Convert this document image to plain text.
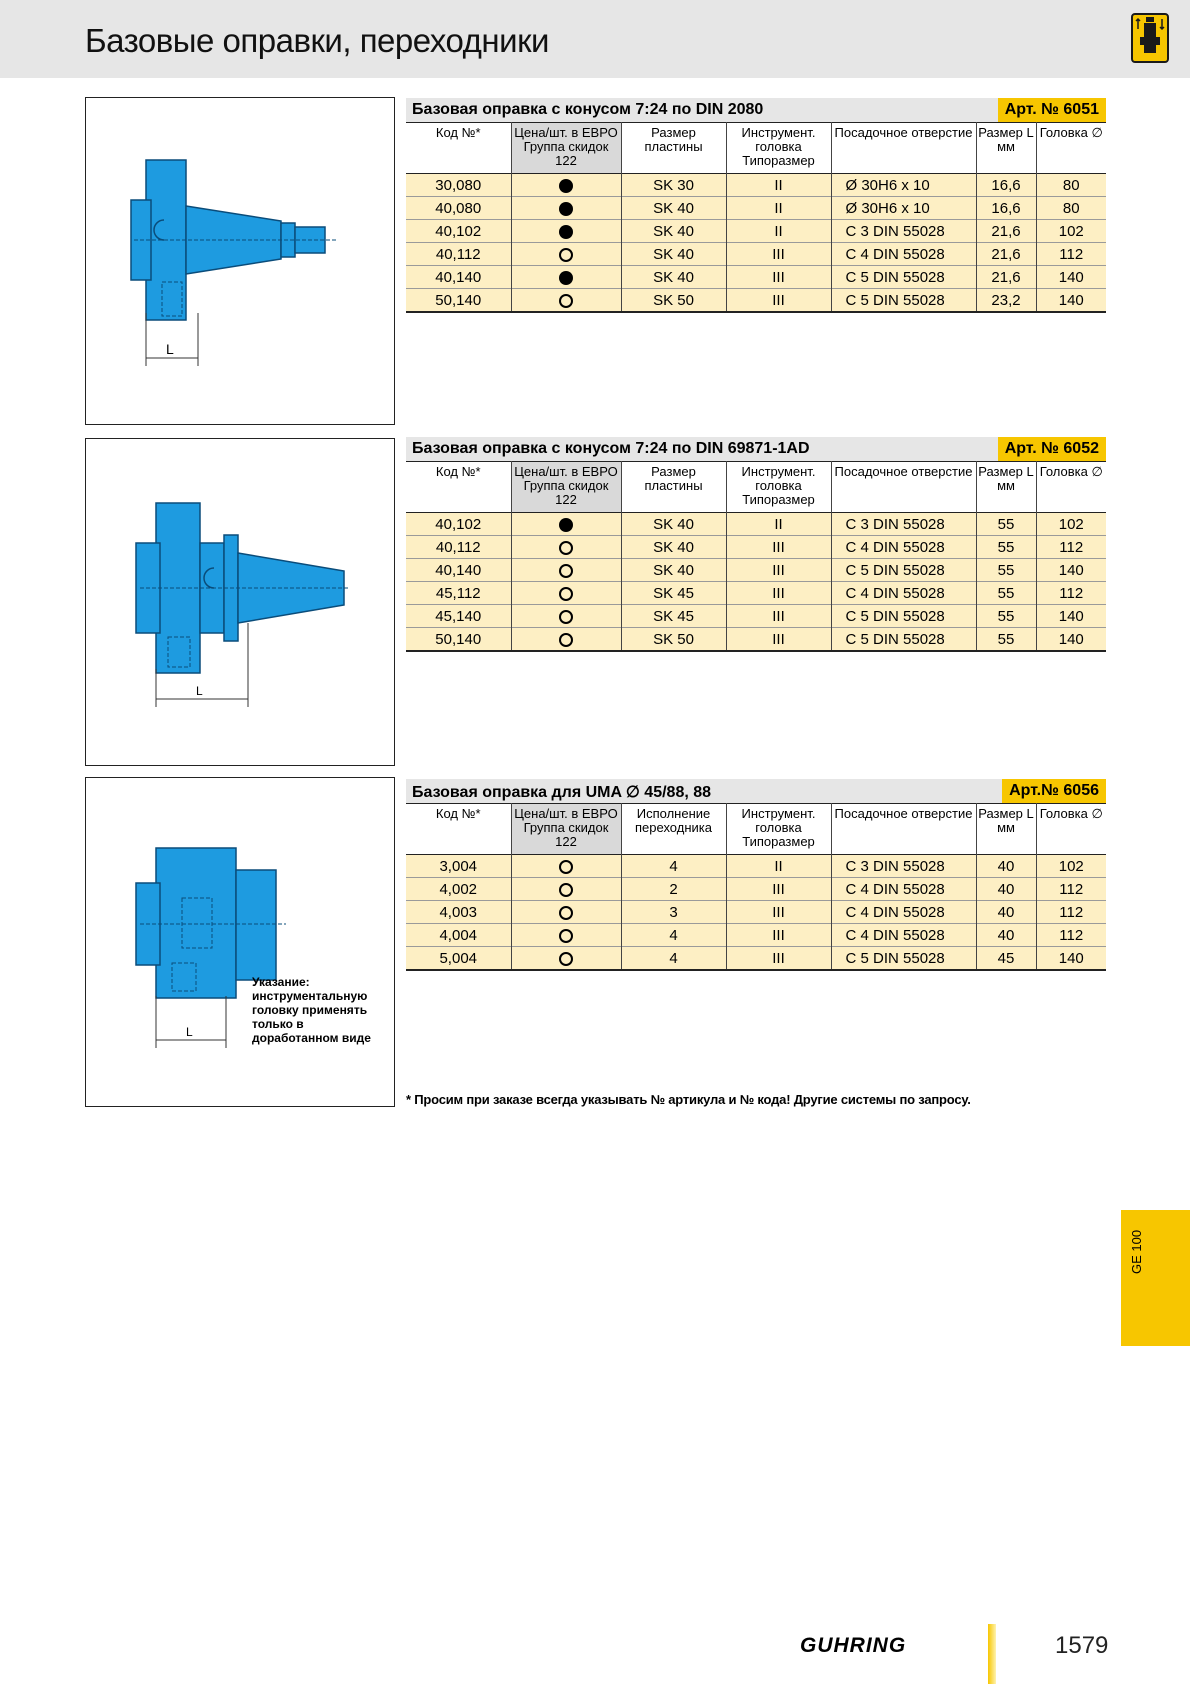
Базовые оправки, переходники
L
L
L
Указание: инструментальную головку применять только в доработанном виде
Базовая оправка с конусом 7:24 по DIN 2080	Арт. № 6051
Код №*	Цена/шт. в ЕВРО Группа скидок 122	Размер пластины	Инструмент. головка Типоразмер	Посадочное отверстие	Размер L мм	Головка ∅
30,080		SK 30	II	Ø 30H6 x 10	16,6	80
40,080		SK 40	II	Ø 30H6 x 10	16,6	80
40,102		SK 40	II	С 3 DIN 55028	21,6	102
40,112		SK 40	III	С 4 DIN 55028	21,6	112
40,140		SK 40	III	С 5 DIN 55028	21,6	140
50,140		SK 50	III	С 5 DIN 55028	23,2	140
Базовая оправка с конусом 7:24 по DIN 69871-1AD	Арт. № 6052
Код №*	Цена/шт. в ЕВРО Группа скидок 122	Размер пластины	Инструмент. головка Типоразмер	Посадочное отверстие	Размер L мм	Головка ∅
40,102		SK 40	II	С 3 DIN 55028	55	102
40,112		SK 40	III	С 4 DIN 55028	55	112
40,140		SK 40	III	С 5 DIN 55028	55	140
45,112		SK 45	III	С 4 DIN 55028	55	112
45,140		SK 45	III	С 5 DIN 55028	55	140
50,140		SK 50	III	С 5 DIN 55028	55	140
Базовая оправка для UMA ∅ 45/88, 88	Арт.№ 6056
Код №*	Цена/шт. в ЕВРО Группа скидок 122	Исполнение переходника	Инструмент. головка Типоразмер	Посадочное отверстие	Размер L мм	Головка ∅
3,004		4	II	С 3 DIN 55028	40	102
4,002		2	III	С 4 DIN 55028	40	112
4,003		3	III	С 4 DIN 55028	40	112
4,004		4	III	С 4 DIN 55028	40	112
5,004		4	III	С 5 DIN 55028	45	140
* Просим при заказе всегда указывать № артикула и № кода! Другие системы по запросу.
GE 100
GUHRING	1579
